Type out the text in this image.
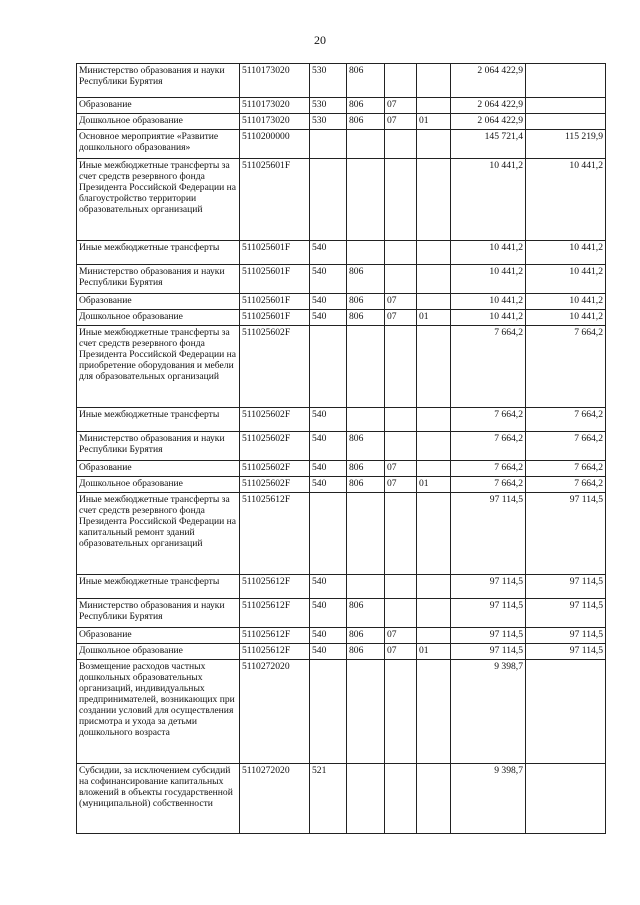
20
Министерство образования и науки Республики Бурятия	5110173020	530	806			2 064 422,9	
Образование	5110173020	530	806	07		2 064 422,9	
Дошкольное образование	5110173020	530	806	07	01	2 064 422,9	
Основное мероприятие «Развитие дошкольного образования»	5110200000					145 721,4	115 219,9
Иные межбюджетные трансферты за счет средств резервного фонда Президента Российской Федерации на благоустройство территории образовательных организаций	511025601F					10 441,2	10 441,2
Иные межбюджетные трансферты	511025601F	540				10 441,2	10 441,2
Министерство образования и науки Республики Бурятия	511025601F	540	806			10 441,2	10 441,2
Образование	511025601F	540	806	07		10 441,2	10 441,2
Дошкольное образование	511025601F	540	806	07	01	10 441,2	10 441,2
Иные межбюджетные трансферты за счет средств резервного фонда Президента Российской Федерации на приобретение оборудования и мебели для образовательных организаций	511025602F					7 664,2	7 664,2
Иные межбюджетные трансферты	511025602F	540				7 664,2	7 664,2
Министерство образования и науки Республики Бурятия	511025602F	540	806			7 664,2	7 664,2
Образование	511025602F	540	806	07		7 664,2	7 664,2
Дошкольное образование	511025602F	540	806	07	01	7 664,2	7 664,2
Иные межбюджетные трансферты за счет средств резервного фонда Президента Российской Федерации на капитальный ремонт зданий образовательных организаций	511025612F					97 114,5	97 114,5
Иные межбюджетные трансферты	511025612F	540				97 114,5	97 114,5
Министерство образования и науки Республики Бурятия	511025612F	540	806			97 114,5	97 114,5
Образование	511025612F	540	806	07		97 114,5	97 114,5
Дошкольное образование	511025612F	540	806	07	01	97 114,5	97 114,5
Возмещение расходов частных дошкольных образовательных организаций, индивидуальных предпринимателей, возникающих при создании условий для осуществления присмотра и ухода за детьми дошкольного возраста	5110272020					9 398,7	
Субсидии, за исключением субсидий на софинансирование капитальных вложений в объекты государственной (муниципальной) собственности	5110272020	521				9 398,7	
